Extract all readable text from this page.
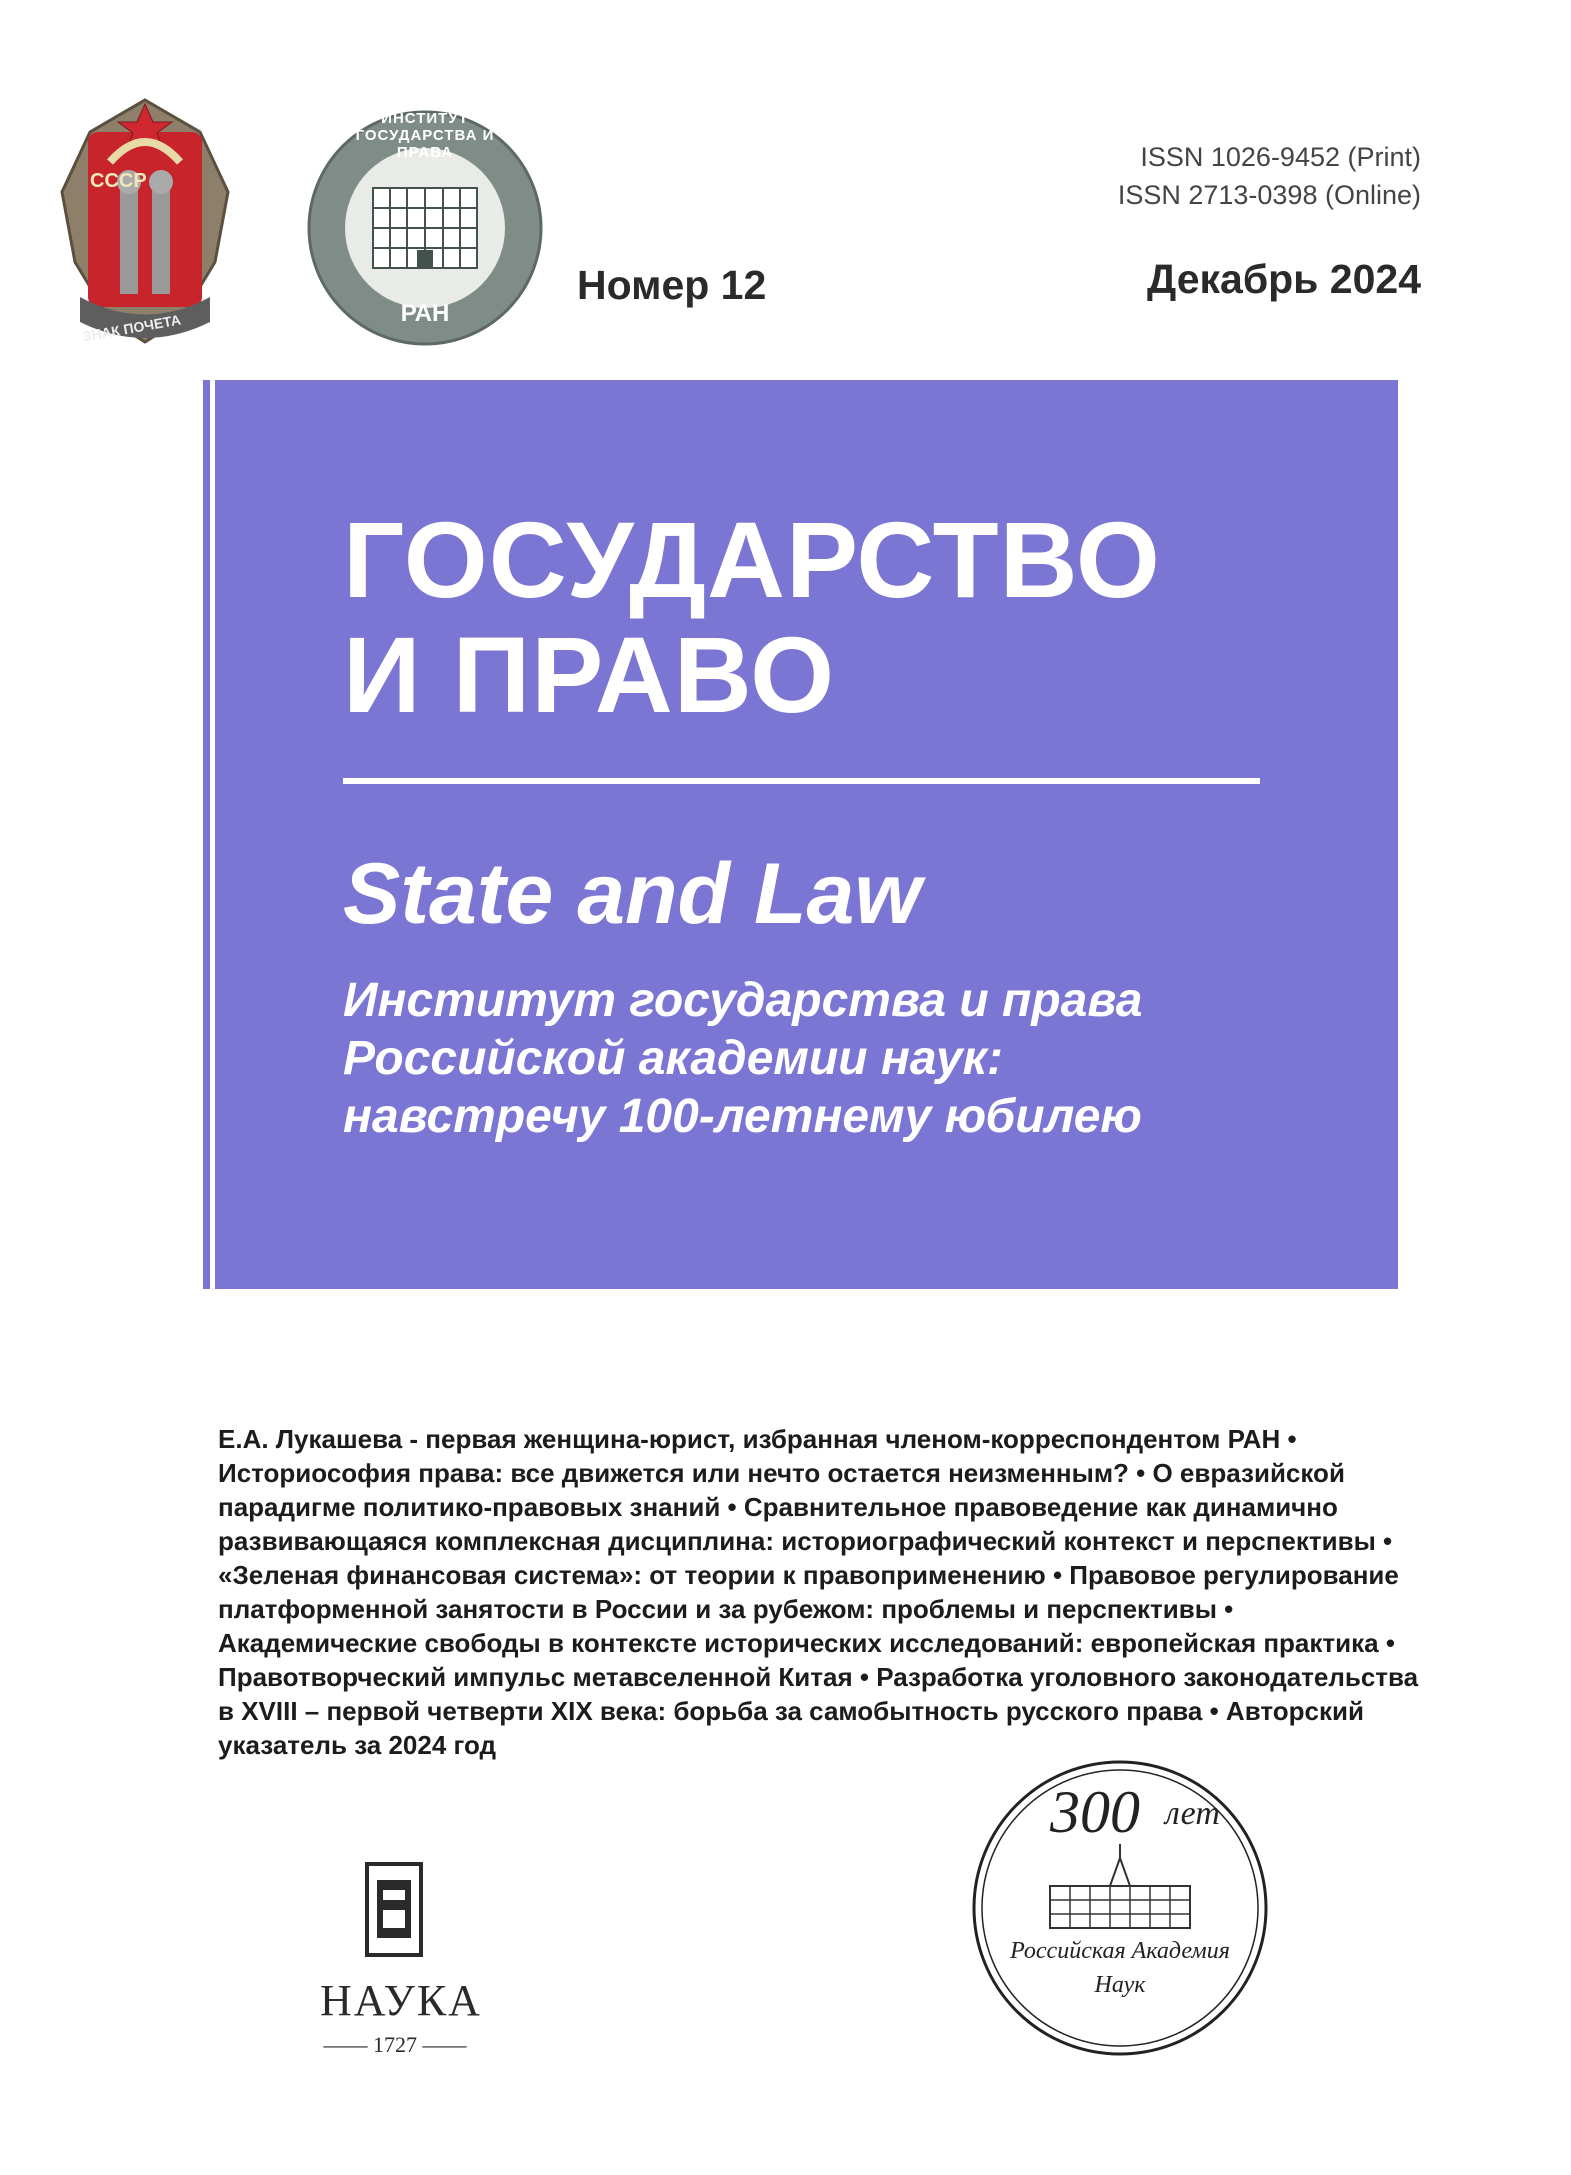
СССР
ЗНАК ПОЧЕТА
ИНСТИТУТ ГОСУДАРСТВА И ПРАВА
РАН
ISSN 1026-9452 (Print)
ISSN 2713-0398 (Online)
Номер 12	Декабрь 2024
ГОСУДАРСТВО
И ПРАВО
State and Law
Институт государства и права
Российской академии наук:
навстречу 100-летнему юбилею
Е.А. Лукашева - первая женщина-юрист, избранная членом-корреспондентом РАН •
Историософия права: все движется или нечто остается неизменным? • О евразийской
парадигме политико-правовых знаний • Сравнительное правоведение как динамично
развивающаяся комплексная дисциплина: историографический контекст и перспективы •
«Зеленая финансовая система»: от теории к правоприменению • Правовое регулирование
платформенной занятости в России и за рубежом: проблемы и перспективы •
Академические свободы в контексте исторических исследований: европейская практика •
Правотворческий импульс метавселенной Китая • Разработка уголовного законодательства
в XVIII – первой четверти XIX века: борьба за самобытность русского права • Авторский
указатель за 2024 год
НАУКА
—— 1727 ——
300 лет
Российская Академия
Наук
